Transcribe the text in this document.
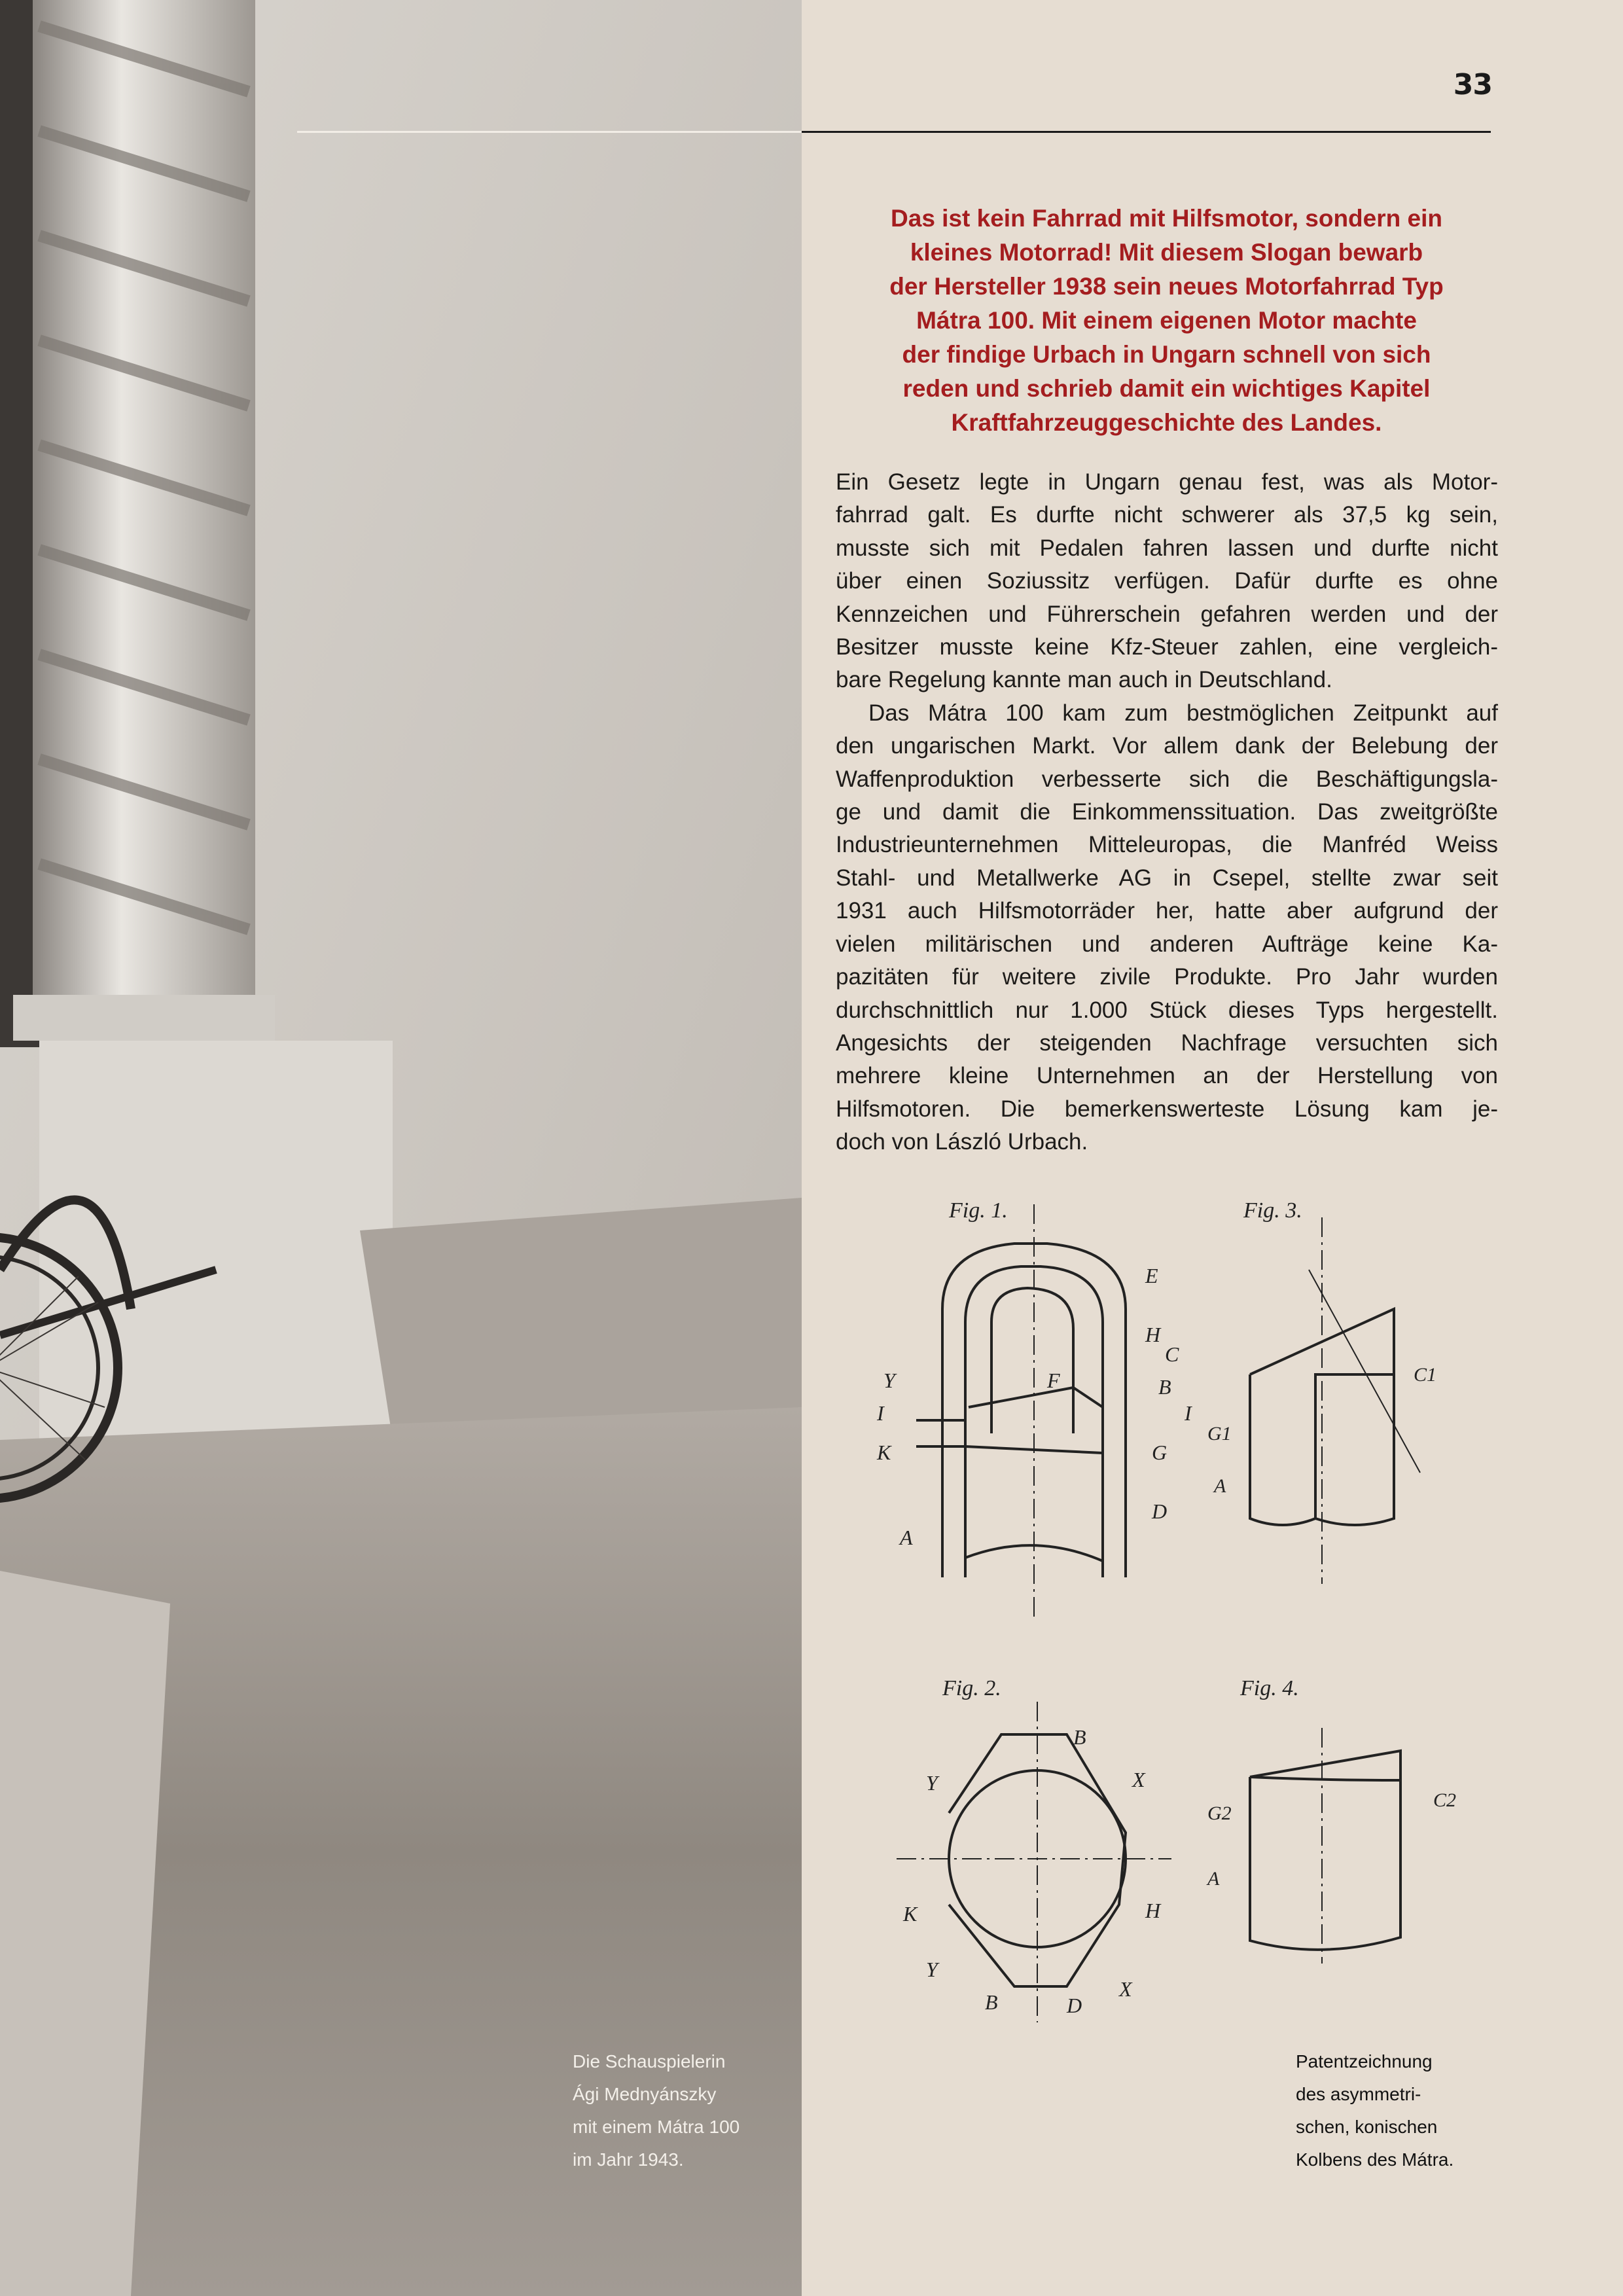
33
Das ist kein Fahrrad mit Hilfsmotor, sondern ein
kleines Motorrad! Mit diesem Slogan bewarb
der Hersteller 1938 sein neues Motorfahrrad Typ
Mátra 100. Mit einem eigenen Motor machte
der findige Urbach in Ungarn schnell von sich
reden und schrieb damit ein wichtiges Kapitel
Kraftfahrzeuggeschichte des Landes.
Ein Gesetz legte in Ungarn genau fest, was als Motor-
fahrrad galt. Es durfte nicht schwerer als 37,5 kg sein,
musste sich mit Pedalen fahren lassen und durfte nicht
über einen Soziussitz verfügen. Dafür durfte es ohne
Kennzeichen und Führerschein gefahren werden und der
Besitzer musste keine Kfz-Steuer zahlen, eine vergleich-
bare Regelung kannte man auch in Deutschland.
Das Mátra 100 kam zum bestmöglichen Zeitpunkt auf
den ungarischen Markt. Vor allem dank der Belebung der
Waffenproduktion verbesserte sich die Beschäftigungsla-
ge und damit die Einkommenssituation. Das zweitgrößte
Industrieunternehmen Mitteleuropas, die Manfréd Weiss
Stahl- und Metallwerke AG in Csepel, stellte zwar seit
1931 auch Hilfsmotorräder her, hatte aber aufgrund der
vielen militärischen und anderen Aufträge keine Ka-
pazitäten für weitere zivile Produkte. Pro Jahr wurden
durchschnittlich nur 1.000 Stück dieses Typs hergestellt.
Angesichts der steigenden Nachfrage versuchten sich
mehrere kleine Unternehmen an der Herstellung von
Hilfsmotoren. Die bemerkenswerteste Lösung kam je-
doch von László Urbach.
Fig. 1.	Fig. 3.
Fig. 2.	Fig. 4.
E
H
C
Y	F	B
I	I
K	G
A
D
B
Y	X
K	H
Y
B	D
X
C1
G1
A
C2
G2
A
Die Schauspielerin
Ági Mednyánszky
mit einem Mátra 100
im Jahr 1943.
Patentzeichnung
des asymmetri-
schen, konischen
Kolbens des Mátra.
